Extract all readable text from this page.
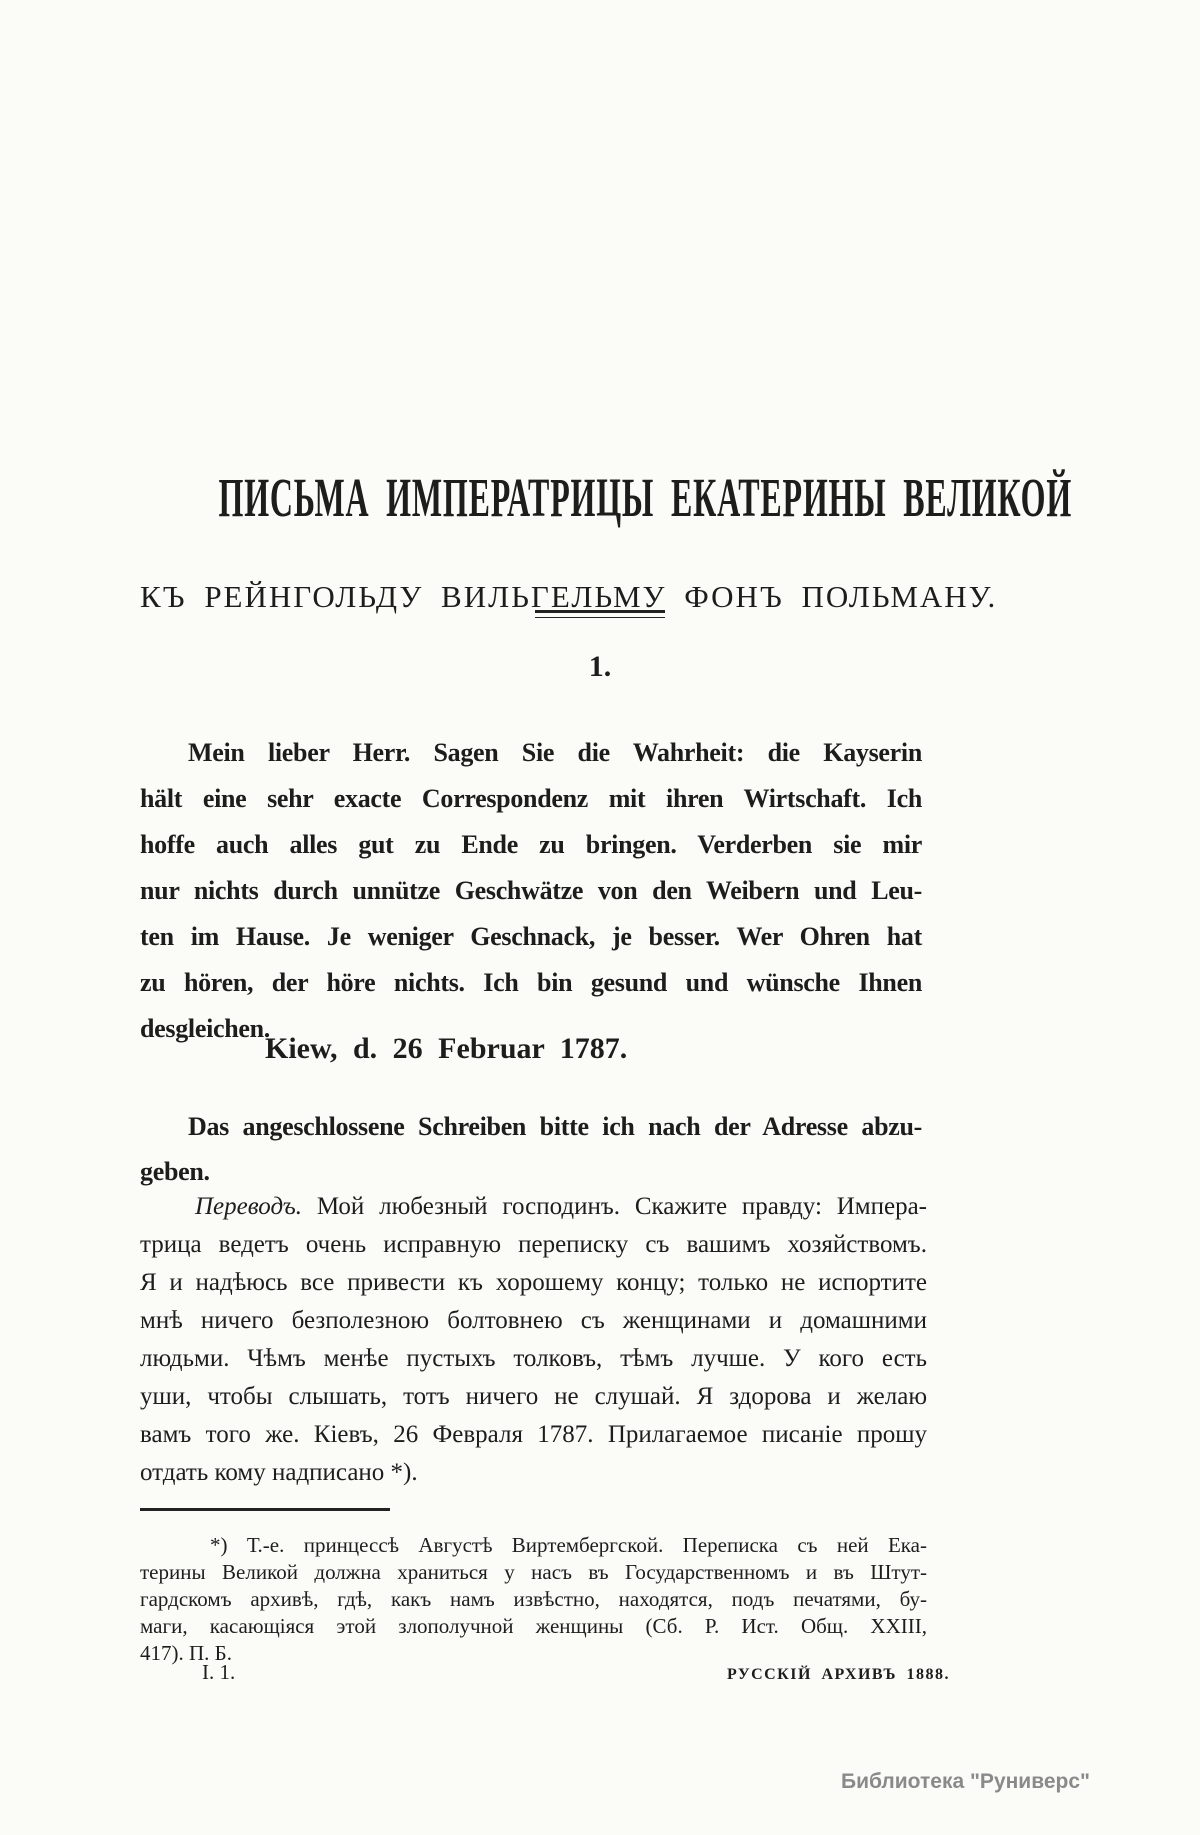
ПИСЬМА ИМПЕРАТРИЦЫ ЕКАТЕРИНЫ ВЕЛИКОЙ
КЪ РЕЙНГОЛЬДУ ВИЛЬГЕЛЬМУ ФОНЪ ПОЛЬМАНУ.
1.
Mein lieber Herr. Sagen Sie die Wahrheit: die Kayserin
hält eine sehr exacte Correspondenz mit ihren Wirtschaft. Ich
hoffe auch alles gut zu Ende zu bringen. Verderben sie mir
nur nichts durch unnütze Geschwätze von den Weibern und Leu-
ten im Hause. Je weniger Geschnack, je besser. Wer Ohren hat
zu hören, der höre nichts. Ich bin gesund und wünsche Ihnen
desgleichen.
Kiew, d. 26 Februar 1787.
Das angeschlossene Schreiben bitte ich nach der Adresse abzu-
geben.
Переводъ. Мой любезный господинъ. Скажите правду: Импера-
трица ведетъ очень исправную переписку съ вашимъ хозяйствомъ.
Я и надѣюсь все привести къ хорошему концу; только не испортите
мнѣ ничего безполезною болтовнею съ женщинами и домашними
людьми. Чѣмъ менѣе пустыхъ толковъ, тѣмъ лучше. У кого есть
уши, чтобы слышать, тотъ ничего не слушай. Я здорова и желаю
вамъ того же. Кіевъ, 26 Февраля 1787. Прилагаемое писаніе прошу
отдать кому надписано *).
*) Т.-е. принцессѣ Августѣ Виртембергской. Переписка съ ней Ека-
терины Великой должна храниться у насъ въ Государственномъ и въ Штут-
гардскомъ архивѣ, гдѣ, какъ намъ извѣстно, находятся, подъ печатями, бу-
маги, касающіяся этой злополучной женщины (Сб. Р. Ист. Общ. XXIII,
417). П. Б.
I. 1.	РУССКІЙ АРХИВЪ 1888.
Библиотека "Руниверс"
